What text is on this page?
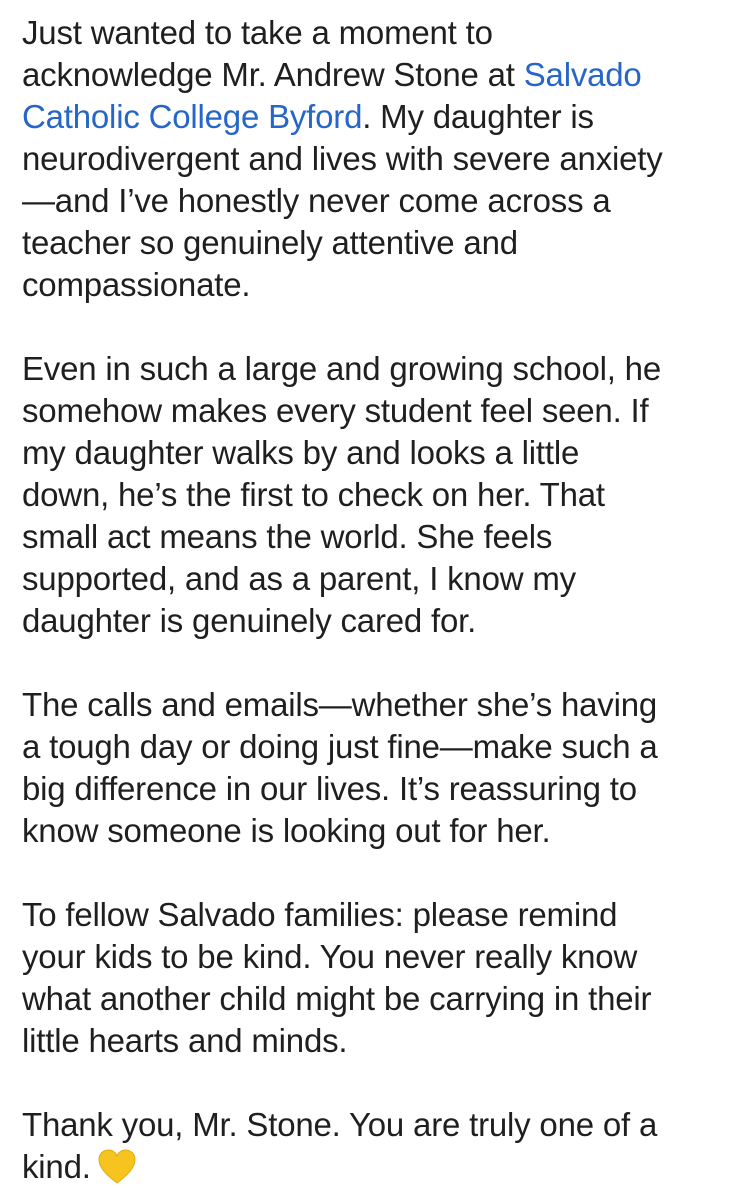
Just wanted to take a moment to
acknowledge Mr. Andrew Stone at Salvado
Catholic College Byford. My daughter is
neurodivergent and lives with severe anxiety
—and I’ve honestly never come across a
teacher so genuinely attentive and
compassionate.

Even in such a large and growing school, he
somehow makes every student feel seen. If
my daughter walks by and looks a little
down, he’s the first to check on her. That
small act means the world. She feels
supported, and as a parent, I know my
daughter is genuinely cared for.

The calls and emails—whether she’s having
a tough day or doing just fine—make such a
big difference in our lives. It’s reassuring to
know someone is looking out for her.

To fellow Salvado families: please remind
your kids to be kind. You never really know
what another child might be carrying in their
little hearts and minds.

Thank you, Mr. Stone. You are truly one of a
kind.
